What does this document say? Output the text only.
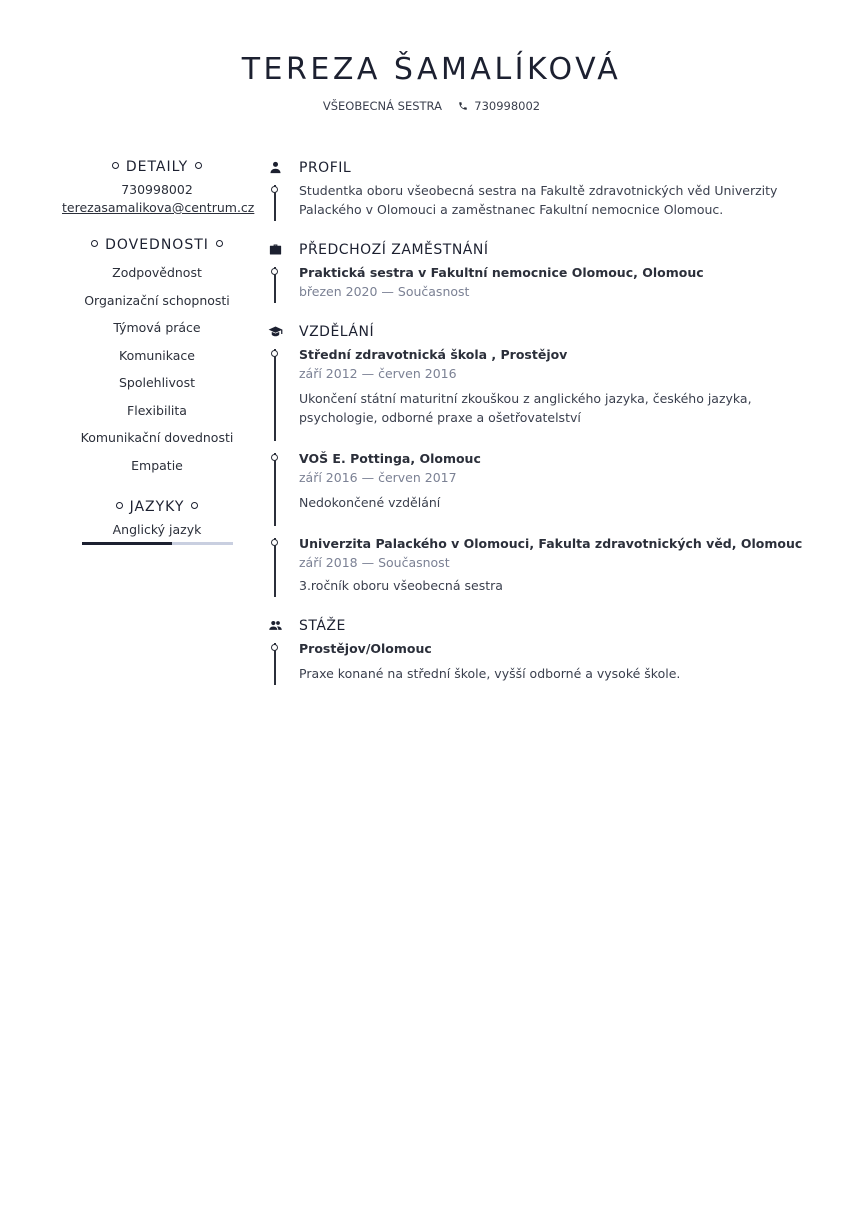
TEREZA ŠAMALÍKOVÁ
VŠEOBECNÁ SESTRA	730998002
DETAILY
730998002
terezasamalikova@centrum.cz
DOVEDNOSTI
Zodpovědnost
Organizační schopnosti
Týmová práce
Komunikace
Spolehlivost
Flexibilita
Komunikační dovednosti
Empatie
JAZYKY
Anglický jazyk
PROFIL
Studentka oboru všeobecná sestra na Fakultě zdravotnických věd Univerzity Palackého v Olomouci a zaměstnanec Fakultní nemocnice Olomouc.
PŘEDCHOZÍ ZAMĚSTNÁNÍ
Praktická sestra v Fakultní nemocnice Olomouc, Olomouc
březen 2020 — Současnost
VZDĚLÁNÍ
Střední zdravotnická škola , Prostějov
září 2012 — červen 2016
Ukončení státní maturitní zkouškou z anglického jazyka, českého jazyka, psychologie, odborné praxe a ošetřovatelství
VOŠ E. Pottinga, Olomouc
září 2016 — červen 2017
Nedokončené vzdělání
Univerzita Palackého v Olomouci, Fakulta zdravotnických věd, Olomouc
září 2018 — Současnost
3.ročník oboru všeobecná sestra
STÁŽE
Prostějov/Olomouc
Praxe konané na střední škole, vyšší odborné a vysoké škole.
